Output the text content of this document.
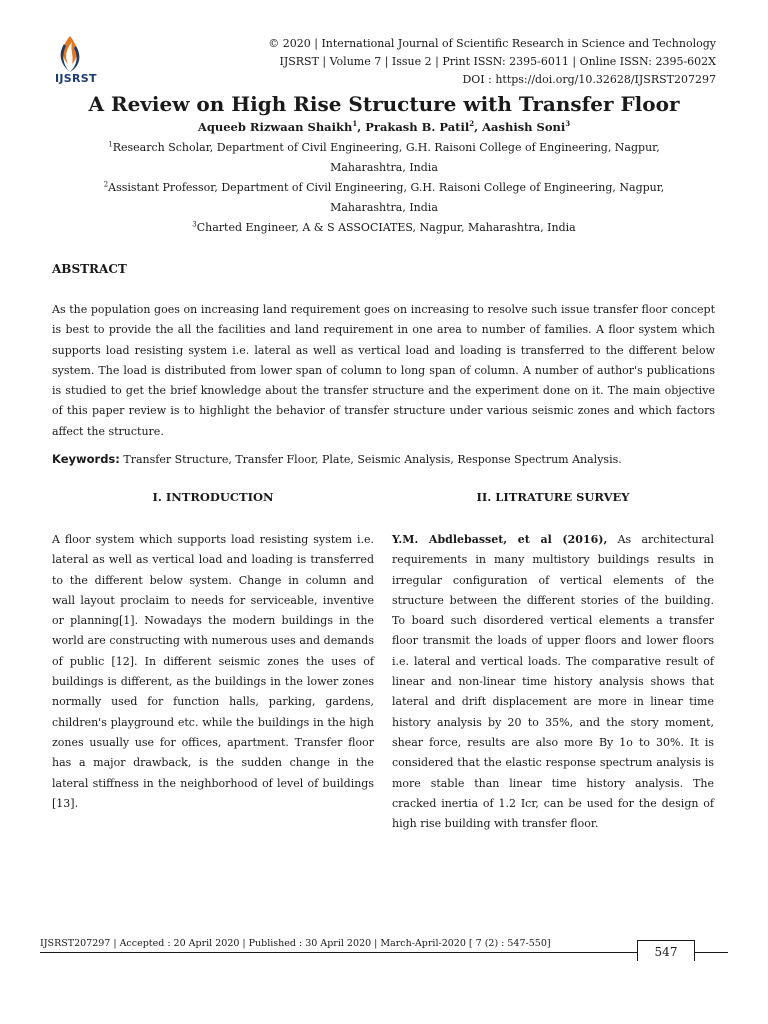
IJSRST
© 2020 | International Journal of Scientific Research in Science and Technology
IJSRST | Volume 7 | Issue 2 | Print ISSN: 2395-6011 | Online ISSN: 2395-602X
DOI : https://doi.org/10.32628/IJSRST207297
A Review on High Rise Structure with Transfer Floor
Aqueeb Rizwaan Shaikh$^1$, Prakash B. Patil$^2$, Aashish Soni$^3$
$^1$Research Scholar, Department of Civil Engineering, G.H. Raisoni College of Engineering, Nagpur, Maharashtra, India
$^2$Assistant Professor, Department of Civil Engineering, G.H. Raisoni College of Engineering, Nagpur, Maharashtra, India
$^3$Charted Engineer, A & S ASSOCIATES, Nagpur, Maharashtra, India
ABSTRACT
As the population goes on increasing land requirement goes on increasing to resolve such issue transfer floor concept is best to provide the all the facilities and land requirement in one area to number of families. A floor system which supports load resisting system i.e. lateral as well as vertical load and loading is transferred to the different below system. The load is distributed from lower span of column to long span of column. A number of author's publications is studied to get the brief knowledge about the transfer structure and the experiment done on it. The main objective of this paper review is to highlight the behavior of transfer structure under various seismic zones and which factors affect the structure.
Keywords: Transfer Structure, Transfer Floor, Plate, Seismic Analysis, Response Spectrum Analysis.
I. INTRODUCTION	II. LITRATURE SURVEY
A floor system which supports load resisting system i.e. lateral as well as vertical load and loading is transferred to the different below system. Change in column and wall layout proclaim to needs for serviceable, inventive or planning[1]. Nowadays the modern buildings in the world are constructing with numerous uses and demands of public [12]. In different seismic zones the uses of buildings is different, as the buildings in the lower zones normally used for function halls, parking, gardens, children's playground etc. while the buildings in the high zones usually use for offices, apartment. Transfer floor has a major drawback, is the sudden change in the lateral stiffness in the neighborhood of level of buildings [13].
Y.M. Abdlebasset, et al (2016), As architectural requirements in many multistory buildings results in irregular configuration of vertical elements of the structure between the different stories of the building. To board such disordered vertical elements a transfer floor transmit the loads of upper floors and lower floors i.e. lateral and vertical loads. The comparative result of linear and non-linear time history analysis shows that lateral and drift displacement are more in linear time history analysis by 20 to 35%, and the story moment, shear force, results are also more By 1o to 30%. It is considered that the elastic response spectrum analysis is more stable than linear time history analysis. The cracked inertia of 1.2 Icr, can be used for the design of high rise building with transfer floor.
IJSRST207297 | Accepted : 20 April 2020 | Published : 30 April 2020 | March-April-2020 [ 7 (2) : 547-550]
547
